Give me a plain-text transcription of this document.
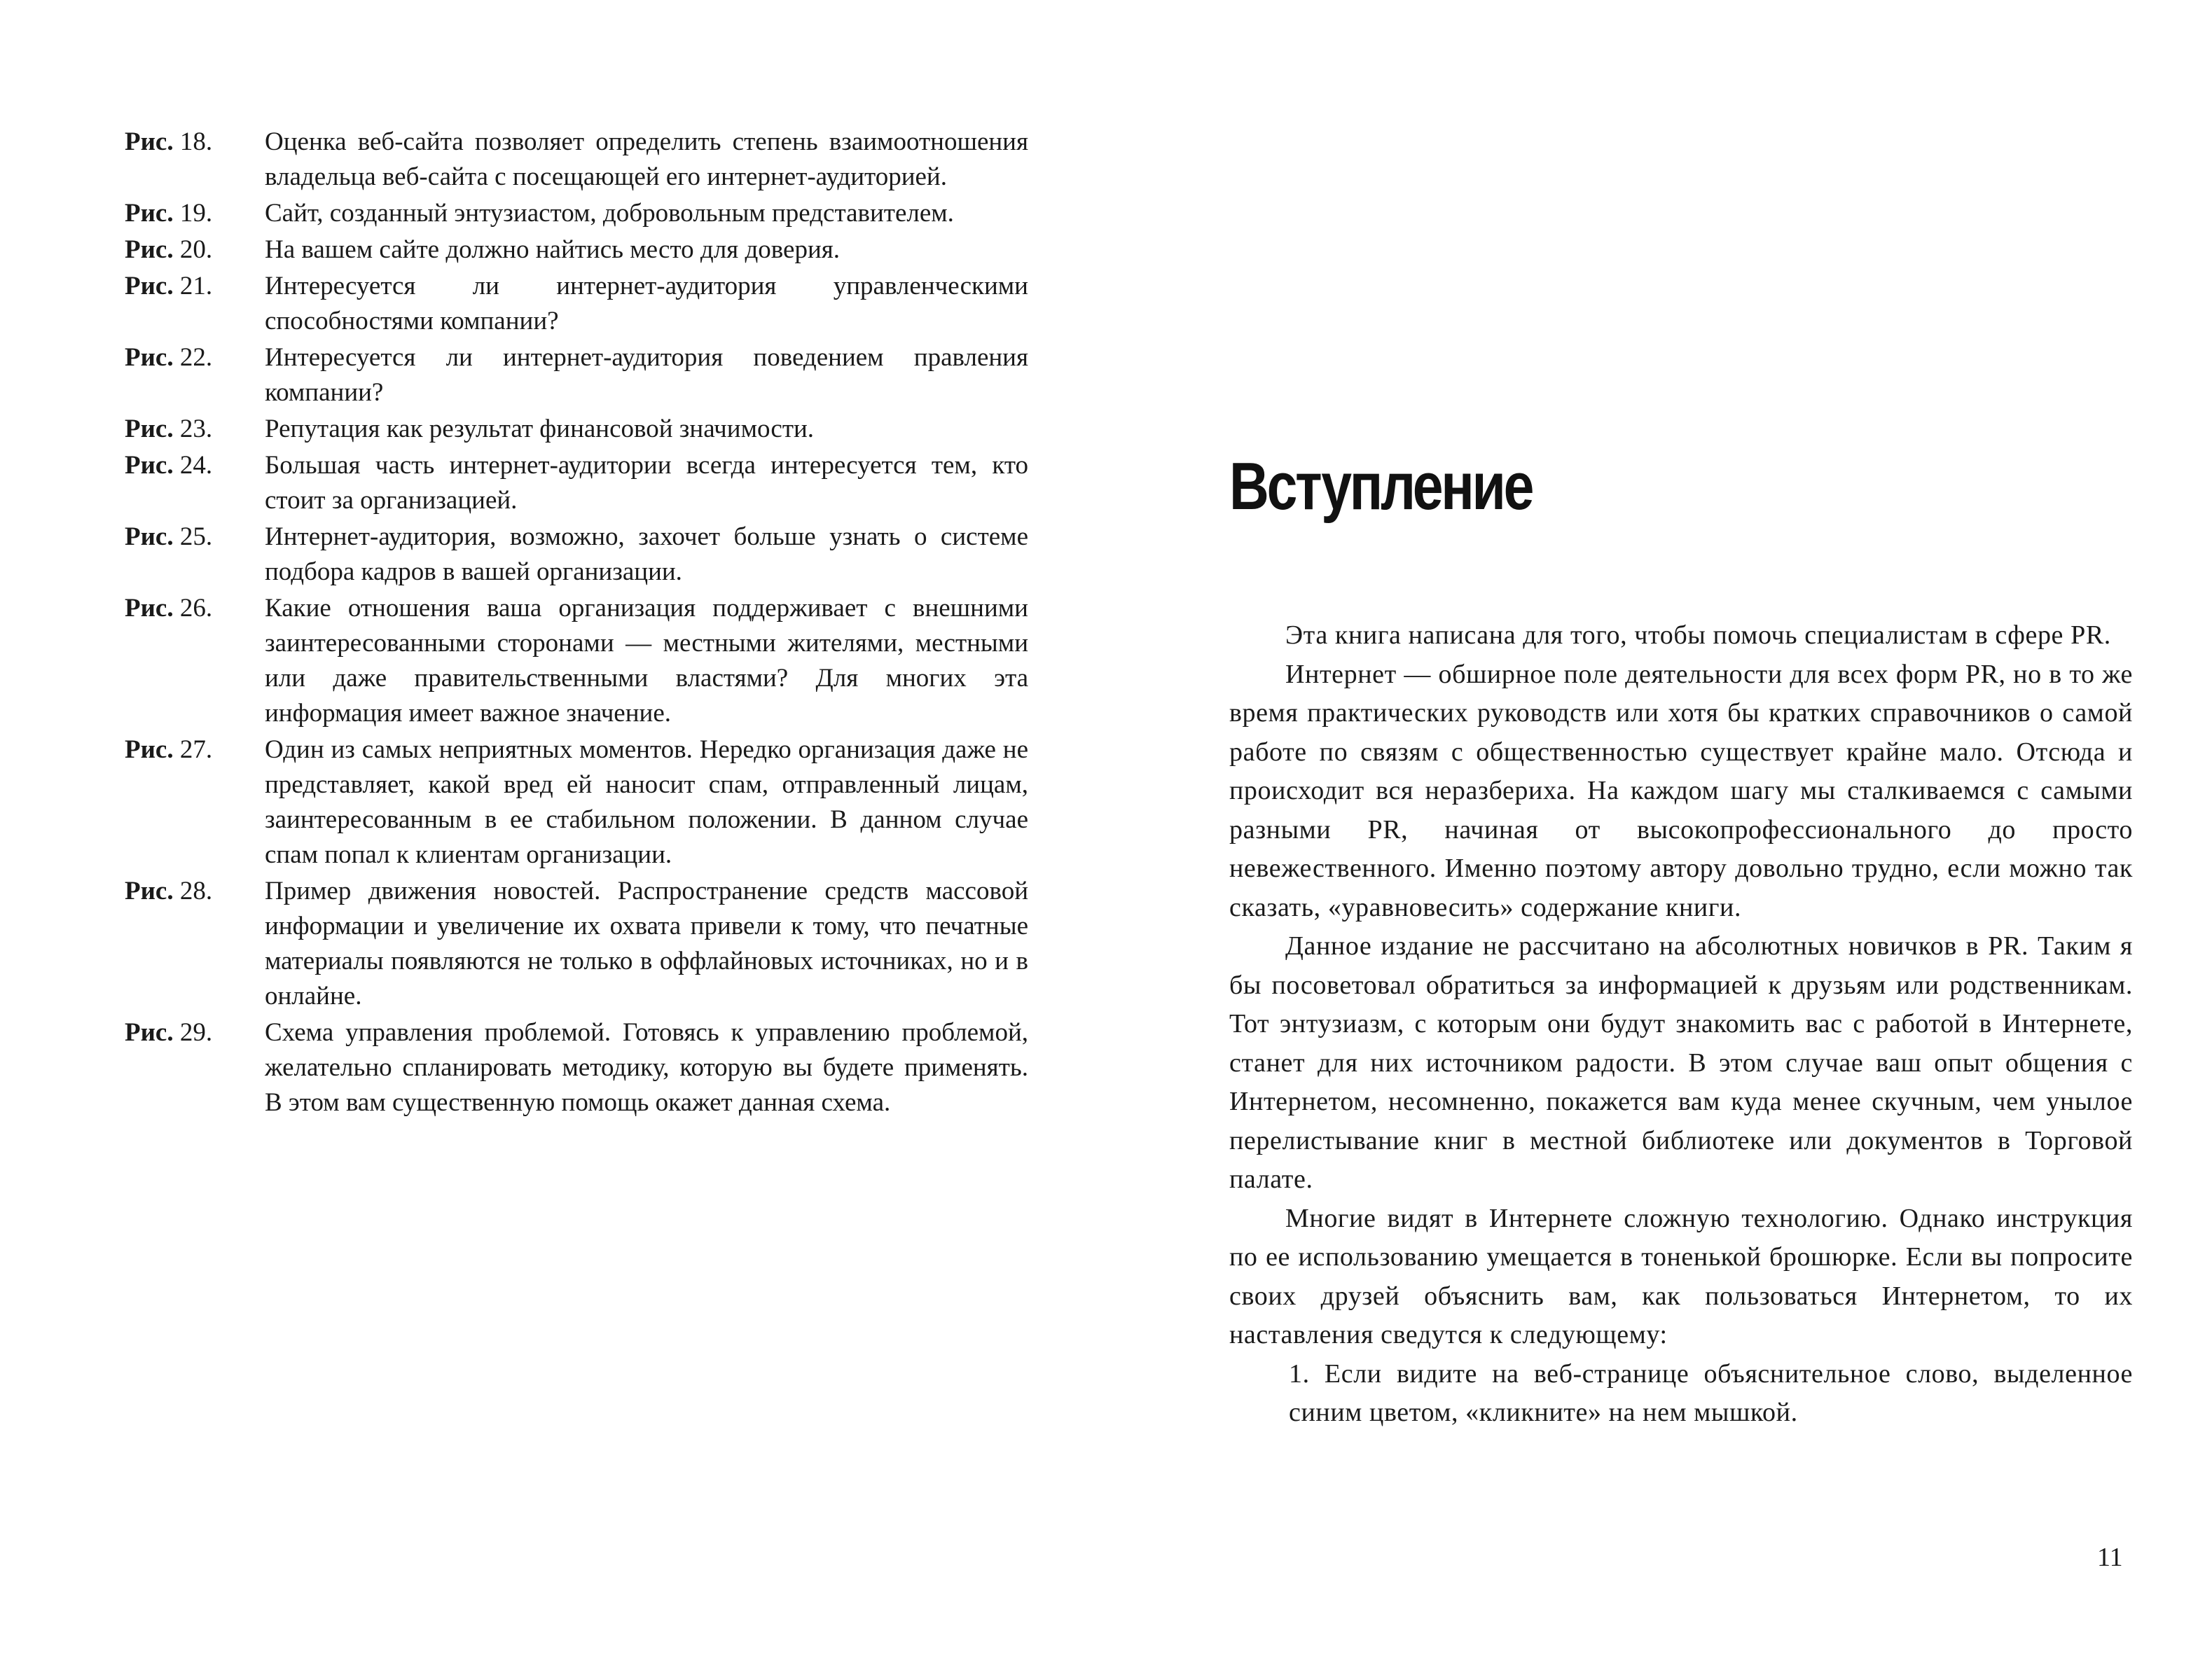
Рис. 18.	Оценка веб-сайта позволяет определить степень взаимоотношения владельца веб-сайта с посещающей его интернет-аудиторией.
Рис. 19.	Сайт, созданный энтузиастом, добровольным представителем.
Рис. 20.	На вашем сайте должно найтись место для доверия.
Рис. 21.	Интересуется ли интернет-аудитория управленческими способностями компании?
Рис. 22.	Интересуется ли интернет-аудитория поведением правления компании?
Рис. 23.	Репутация как результат финансовой значимости.
Рис. 24.	Большая часть интернет-аудитории всегда интересуется тем, кто стоит за организацией.
Рис. 25.	Интернет-аудитория, возможно, захочет больше узнать о системе подбора кадров в вашей организации.
Рис. 26.	Какие отношения ваша организация поддерживает с внешними заинтересованными сторонами — местными жителями, местными или даже правительственными властями? Для многих эта информация имеет важное значение.
Рис. 27.	Один из самых неприятных моментов. Нередко организация даже не представляет, какой вред ей наносит спам, отправленный лицам, заинтересованным в ее стабильном положении. В данном случае спам попал к клиентам организации.
Рис. 28.	Пример движения новостей. Распространение средств массовой информации и увеличение их охвата привели к тому, что печатные материалы появляются не только в оффлайновых источниках, но и в онлайне.
Рис. 29.	Схема управления проблемой. Готовясь к управлению проблемой, желательно спланировать методику, которую вы будете применять. В этом вам существенную помощь окажет данная схема.
Вступление

Эта книга написана для того, чтобы помочь специалистам в сфере PR.

Интернет — обширное поле деятельности для всех форм PR, но в то же время практических руководств или хотя бы кратких справочников о самой работе по связям с общественностью существует крайне мало. Отсюда и происходит вся неразбериха. На каждом шагу мы сталкиваемся с самыми разными PR, начиная от высокопрофессионального до просто невежественного. Именно поэтому автору довольно трудно, если можно так сказать, «уравновесить» содержание книги.

Данное издание не рассчитано на абсолютных новичков в PR. Таким я бы посоветовал обратиться за информацией к друзьям или родственникам. Тот энтузиазм, с которым они будут знакомить вас с работой в Интернете, станет для них источником радости. В этом случае ваш опыт общения с Интернетом, несомненно, покажется вам куда менее скучным, чем унылое перелистывание книг в местной библиотеке или документов в Торговой палате.

Многие видят в Интернете сложную технологию. Однако инструкция по ее использованию умещается в тоненькой брошюрке. Если вы попросите своих друзей объяснить вам, как пользоваться Интернетом, то их наставления сведутся к следующему:

1. Если видите на веб-странице объяснительное слово, выделенное синим цветом, «кликните» на нем мышкой.

11
